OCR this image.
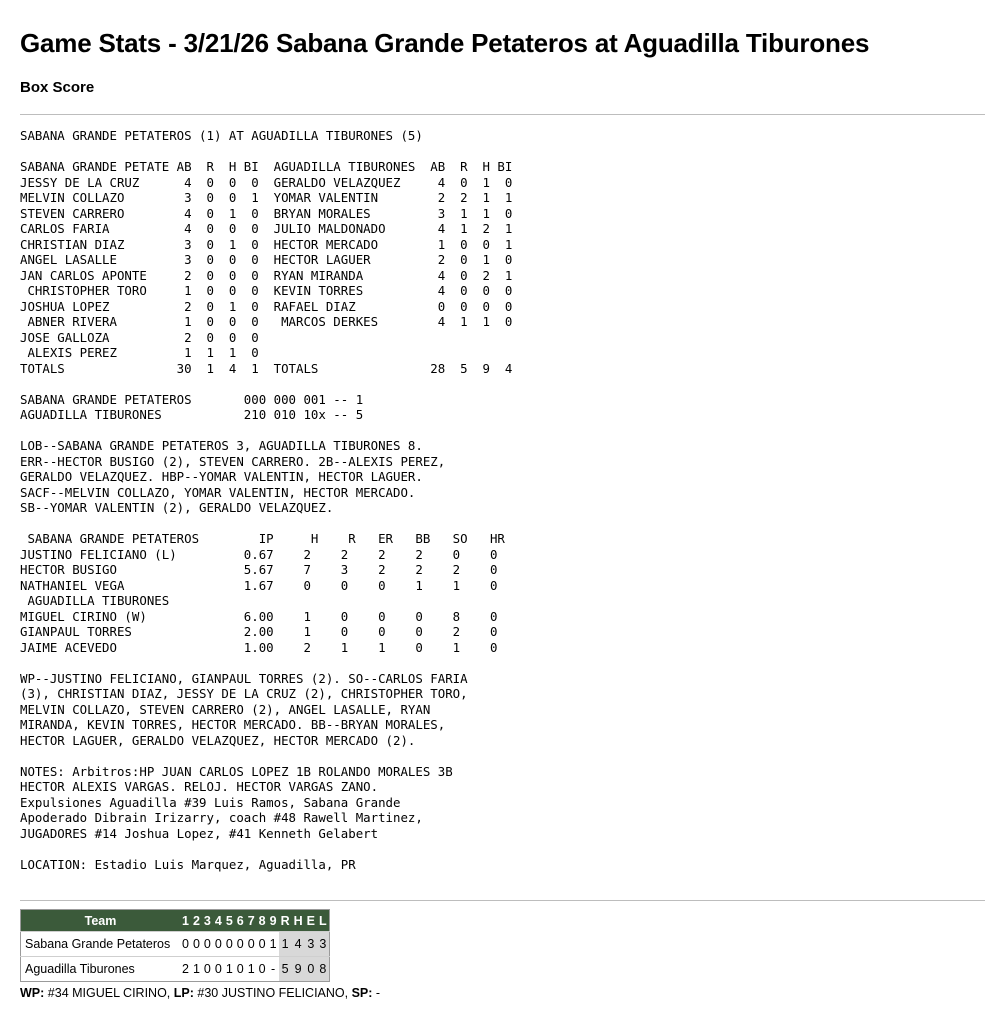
Game Stats - 3/21/26 Sabana Grande Petateros at Aguadilla Tiburones
Box Score
SABANA GRANDE PETATEROS (1) AT AGUADILLA TIBURONES (5)

SABANA GRANDE PETATE AB  R  H BI  AGUADILLA TIBURONES  AB  R  H BI
JESSY DE LA CRUZ      4  0  0  0  GERALDO VELAZQUEZ     4  0  1  0
MELVIN COLLAZO        3  0  0  1  YOMAR VALENTIN        2  2  1  1
STEVEN CARRERO        4  0  1  0  BRYAN MORALES         3  1  1  0
CARLOS FARIA          4  0  0  0  JULIO MALDONADO       4  1  2  1
CHRISTIAN DIAZ        3  0  1  0  HECTOR MERCADO        1  0  0  1
ANGEL LASALLE         3  0  0  0  HECTOR LAGUER         2  0  1  0
JAN CARLOS APONTE     2  0  0  0  RYAN MIRANDA          4  0  2  1
CHRISTOPHER TORO     1  0  0  0  KEVIN TORRES          4  0  0  0
JOSHUA LOPEZ          2  0  1  0  RAFAEL DIAZ           0  0  0  0
ABNER RIVERA         1  0  0  0   MARCOS DERKES        4  1  1  0
JOSE GALLOZA          2  0  0  0
ALEXIS PEREZ         1  1  1  0
TOTALS               30  1  4  1  TOTALS               28  5  9  4

SABANA GRANDE PETATEROS       000 000 001 -- 1
AGUADILLA TIBURONES           210 010 10x -- 5

LOB--SABANA GRANDE PETATEROS 3, AGUADILLA TIBURONES 8.
ERR--HECTOR BUSIGO (2), STEVEN CARRERO. 2B--ALEXIS PEREZ,
GERALDO VELAZQUEZ. HBP--YOMAR VALENTIN, HECTOR LAGUER.
SACF--MELVIN COLLAZO, YOMAR VALENTIN, HECTOR MERCADO.
SB--YOMAR VALENTIN (2), GERALDO VELAZQUEZ.

SABANA GRANDE PETATEROS        IP     H    R   ER   BB   SO   HR
JUSTINO FELICIANO (L)         0.67    2    2    2    2    0    0
HECTOR BUSIGO                 5.67    7    3    2    2    2    0
NATHANIEL VEGA                1.67    0    0    0    1    1    0
AGUADILLA TIBURONES
MIGUEL CIRINO (W)             6.00    1    0    0    0    8    0
GIANPAUL TORRES               2.00    1    0    0    0    2    0
JAIME ACEVEDO                 1.00    2    1    1    0    1    0

WP--JUSTINO FELICIANO, GIANPAUL TORRES (2). SO--CARLOS FARIA
(3), CHRISTIAN DIAZ, JESSY DE LA CRUZ (2), CHRISTOPHER TORO,
MELVIN COLLAZO, STEVEN CARRERO (2), ANGEL LASALLE, RYAN
MIRANDA, KEVIN TORRES, HECTOR MERCADO. BB--BRYAN MORALES,
HECTOR LAGUER, GERALDO VELAZQUEZ, HECTOR MERCADO (2).

NOTES: Arbitros:HP JUAN CARLOS LOPEZ 1B ROLANDO MORALES 3B
HECTOR ALEXIS VARGAS. RELOJ. HECTOR VARGAS ZANO.
Expulsiones Aguadilla #39 Luis Ramos, Sabana Grande
Apoderado Dibrain Irizarry, coach #48 Rawell Martinez,
JUGADORES #14 Joshua Lopez, #41 Kenneth Gelabert

LOCATION: Estadio Luis Marquez, Aguadilla, PR
Team	1	2	3	4	5	6	7	8	9	R	H	E	L
Sabana Grande Petateros	0	0	0	0	0	0	0	0	1	1	4	3	3
Aguadilla Tiburones	2	1	0	0	1	0	1	0	-	5	9	0	8
WP: #34 MIGUEL CIRINO, LP: #30 JUSTINO FELICIANO, SP: -
